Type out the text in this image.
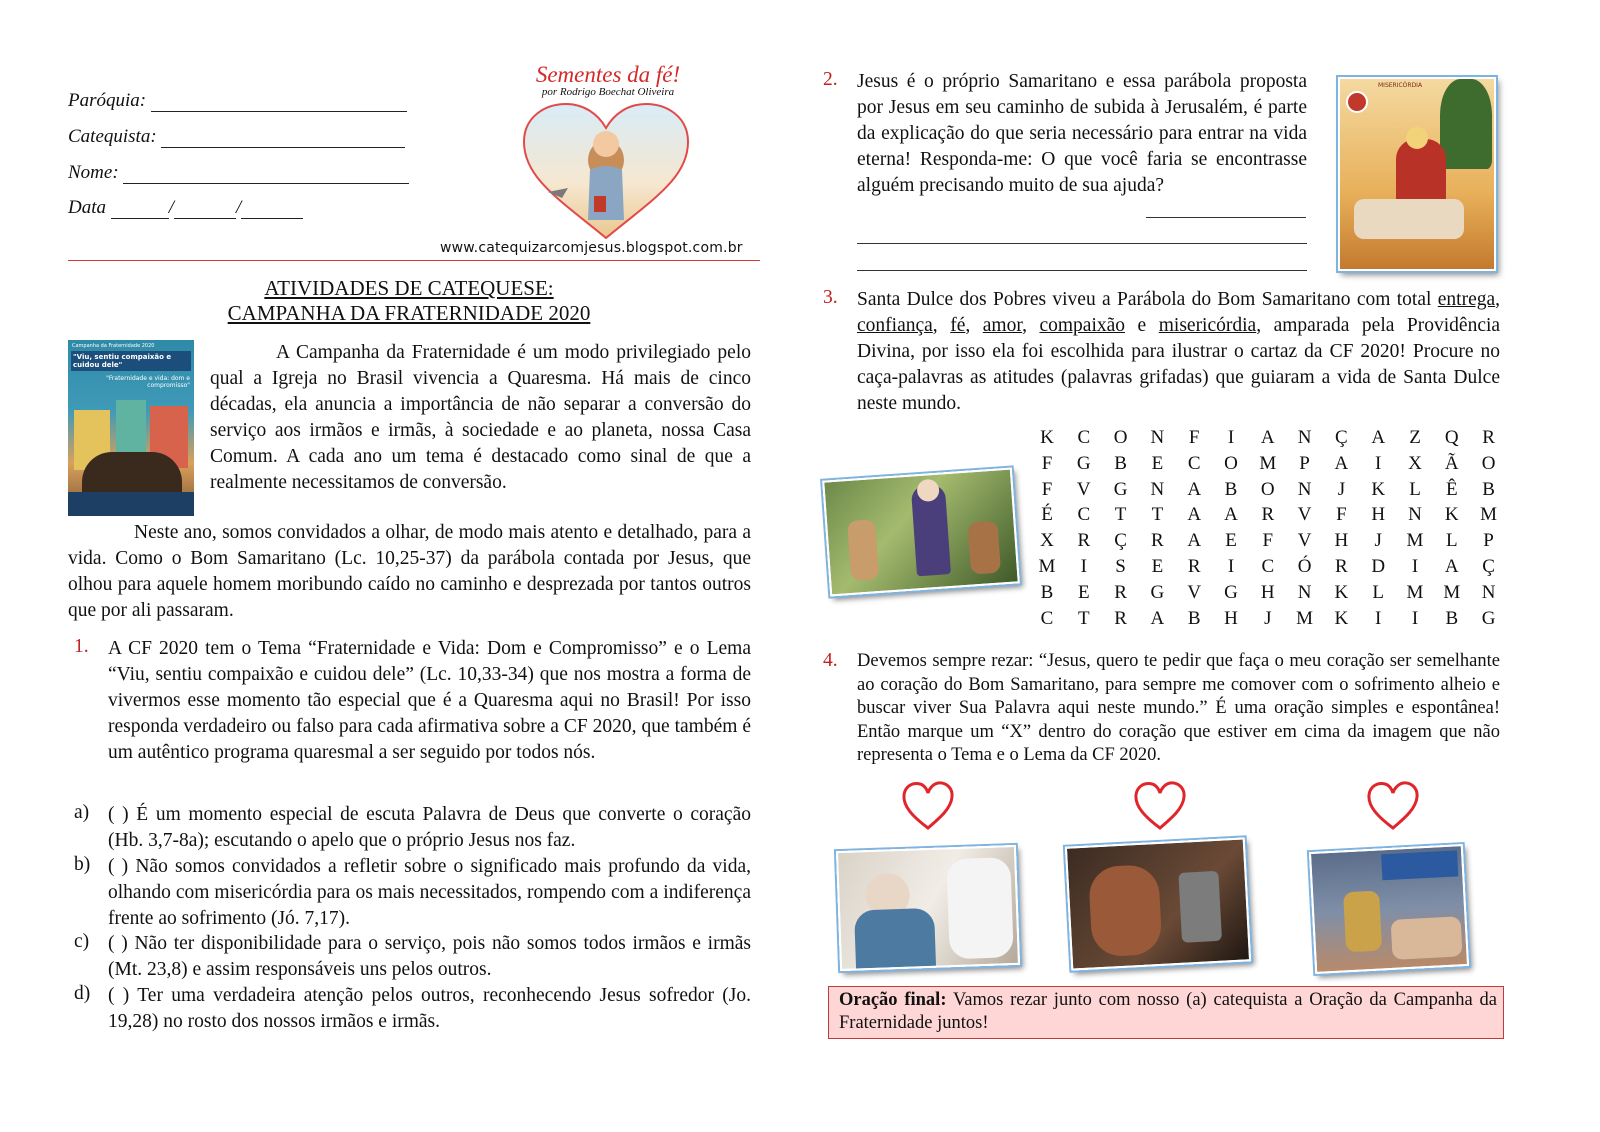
Paróquia:
Catequista:
Nome:
Data	/	/
Sementes da fé!
por Rodrigo Boechat Oliveira
www.catequizarcomjesus.blogspot.com.br
ATIVIDADES DE CATEQUESE:
CAMPANHA DA FRATERNIDADE 2020
Campanha da Fraternidade 2020
"Viu, sentiu compaixão e cuidou dele"
"Fraternidade e vida: dom e compromisso"
A Campanha da Fraternidade é um modo privilegiado pelo qual a Igreja no Brasil vivencia a Quaresma. Há mais de cinco décadas, ela anuncia a importância de não separar a conversão do serviço aos irmãos e irmãs, à sociedade e ao planeta, nossa Casa Comum. A cada ano um tema é destacado como sinal de que a realmente necessitamos de conversão.
Neste ano, somos convidados a olhar, de modo mais atento e detalhado, para a vida. Como o Bom Samaritano (Lc. 10,25-37) da parábola contada por Jesus, que olhou para aquele homem moribundo caído no caminho e desprezada por tantos outros que por ali passaram.
1. A CF 2020 tem o Tema “Fraternidade e Vida: Dom e Compromisso” e o Lema “Viu, sentiu compaixão e cuidou dele” (Lc. 10,33-34) que nos mostra a forma de vivermos esse momento tão especial que é a Quaresma aqui no Brasil! Por isso responda verdadeiro ou falso para cada afirmativa sobre a CF 2020, que também é um autêntico programa quaresmal a ser seguido por todos nós.
a) ( ) É um momento especial de escuta Palavra de Deus que converte o coração (Hb. 3,7-8a); escutando o apelo que o próprio Jesus nos faz.
b) ( ) Não somos convidados a refletir sobre o significado mais profundo da vida, olhando com misericórdia para os mais necessitados, rompendo com a indiferença frente ao sofrimento (Jó. 7,17).
c) ( ) Não ter disponibilidade para o serviço, pois não somos todos irmãos e irmãs (Mt. 23,8) e assim responsáveis uns pelos outros.
d) ( ) Ter uma verdadeira atenção pelos outros, reconhecendo Jesus sofredor (Jo. 19,28) no rosto dos nossos irmãos e irmãs.
2. Jesus é o próprio Samaritano e essa parábola proposta por Jesus em seu caminho de subida à Jerusalém, é parte da explicação do que seria necessário para entrar na vida eterna! Responda-me: O que você faria se encontrasse alguém precisando muito de sua ajuda?
MISERICÓRDIA
3. Santa Dulce dos Pobres viveu a Parábola do Bom Samaritano com total entrega, confiança, fé, amor, compaixão e misericórdia, amparada pela Providência Divina, por isso ela foi escolhida para ilustrar o cartaz da CF 2020! Procure no caça-palavras as atitudes (palavras grifadas) que guiaram a vida de Santa Dulce neste mundo.
K	C	O	N	F	I	A	N	Ç	A	Z	Q	R
F	G	B	E	C	O	M	P	A	I	X	Ã	O
F	V	G	N	A	B	O	N	J	K	L	Ê	B
É	C	T	T	A	A	R	V	F	H	N	K	M
X	R	Ç	R	A	E	F	V	H	J	M	L	P
M	I	S	E	R	I	C	Ó	R	D	I	A	Ç
B	E	R	G	V	G	H	N	K	L	M	M	N
C	T	R	A	B	H	J	M	K	I	I	B	G
4. Devemos sempre rezar: “Jesus, quero te pedir que faça o meu coração ser semelhante ao coração do Bom Samaritano, para sempre me comover com o sofrimento alheio e buscar viver Sua Palavra aqui neste mundo.” É uma oração simples e espontânea! Então marque um “X” dentro do coração que estiver em cima da imagem que não representa o Tema e o Lema da CF 2020.
Oração final: Vamos rezar junto com nosso (a) catequista a Oração da Campanha da Fraternidade juntos!
